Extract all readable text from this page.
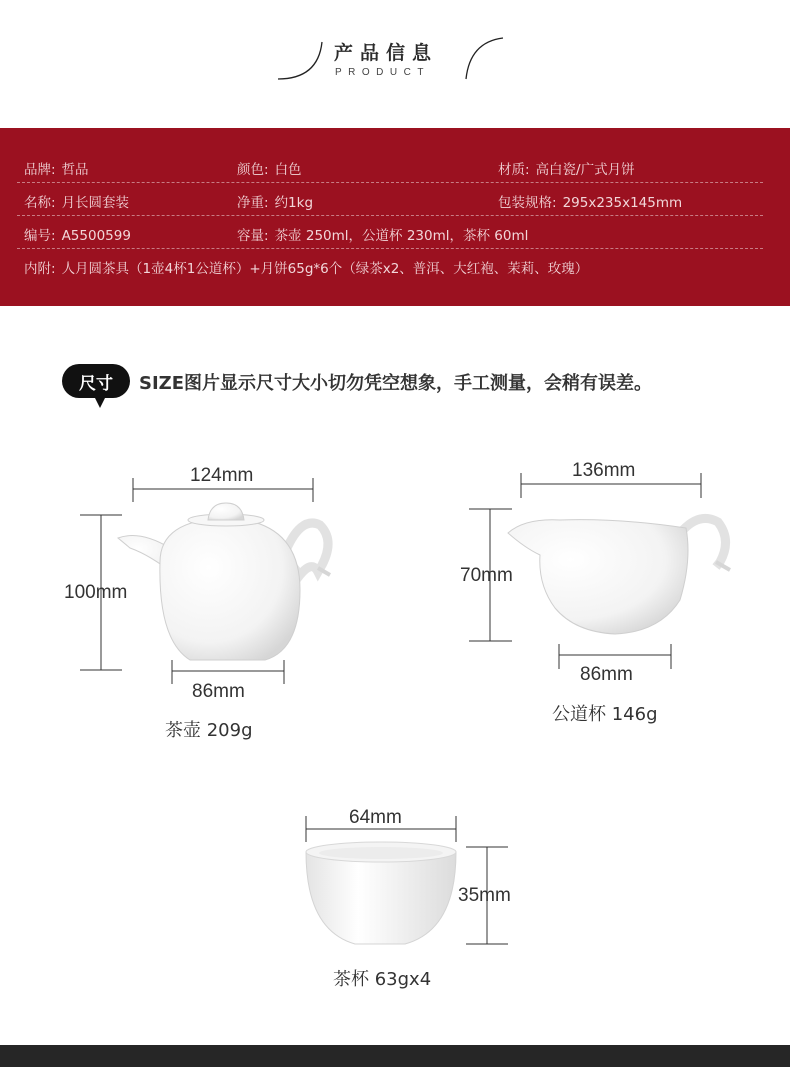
产品信息
PRODUCT
品牌: 哲品	颜色: 白色	材质: 高白瓷/广式月饼
名称: 月长圆套装	净重: 约1kg	包装规格: 295x235x145mm
编号: A5500599	容量: 茶壶 250ml，公道杯 230ml，茶杯 60ml
内附: 人月圆茶具（1壶4杯1公道杯）+月饼65g*6个（绿茶x2、普洱、大红袍、茉莉、玫瑰）
尺寸	SIZE图片显示尺寸大小切勿凭空想象，手工测量，会稍有误差。
124mm
100mm
86mm
茶壶 209g
136mm
70mm
86mm
公道杯 146g
64mm
35mm
茶杯 63gx4
